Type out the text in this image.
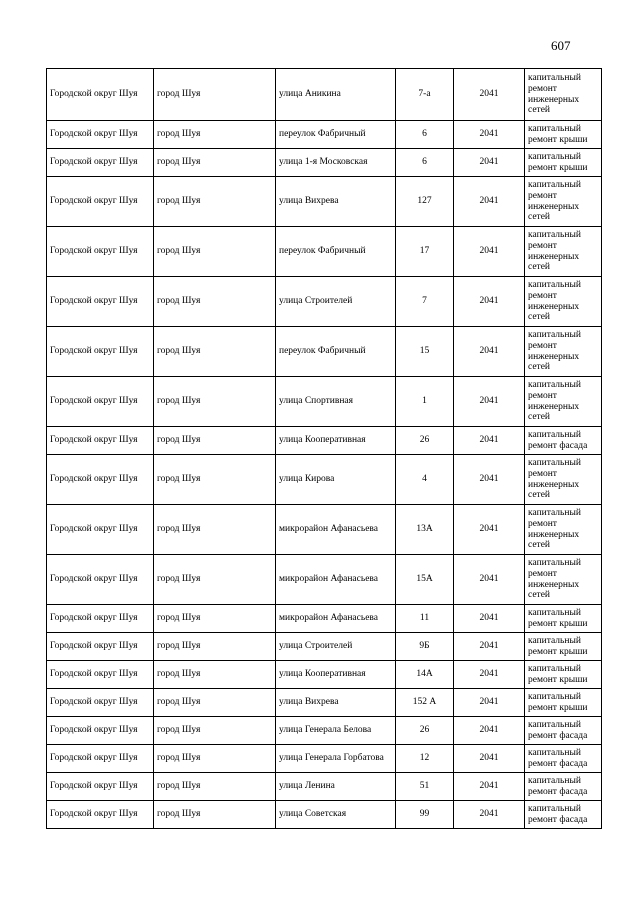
607
Городской округ Шуя	город Шуя	улица Аникина	7-а	2041	капитальный ремонт инженерных сетей
Городской округ Шуя	город Шуя	переулок Фабричный	6	2041	капитальный ремонт крыши
Городской округ Шуя	город Шуя	улица 1-я Московская	6	2041	капитальный ремонт крыши
Городской округ Шуя	город Шуя	улица Вихрева	127	2041	капитальный ремонт инженерных сетей
Городской округ Шуя	город Шуя	переулок Фабричный	17	2041	капитальный ремонт инженерных сетей
Городской округ Шуя	город Шуя	улица Строителей	7	2041	капитальный ремонт инженерных сетей
Городской округ Шуя	город Шуя	переулок Фабричный	15	2041	капитальный ремонт инженерных сетей
Городской округ Шуя	город Шуя	улица Спортивная	1	2041	капитальный ремонт инженерных сетей
Городской округ Шуя	город Шуя	улица Кооперативная	26	2041	капитальный ремонт фасада
Городской округ Шуя	город Шуя	улица Кирова	4	2041	капитальный ремонт инженерных сетей
Городской округ Шуя	город Шуя	микрорайон Афанасьева	13А	2041	капитальный ремонт инженерных сетей
Городской округ Шуя	город Шуя	микрорайон Афанасьева	15А	2041	капитальный ремонт инженерных сетей
Городской округ Шуя	город Шуя	микрорайон Афанасьева	11	2041	капитальный ремонт крыши
Городской округ Шуя	город Шуя	улица Строителей	9Б	2041	капитальный ремонт крыши
Городской округ Шуя	город Шуя	улица Кооперативная	14А	2041	капитальный ремонт крыши
Городской округ Шуя	город Шуя	улица Вихрева	152 А	2041	капитальный ремонт крыши
Городской округ Шуя	город Шуя	улица Генерала Белова	26	2041	капитальный ремонт фасада
Городской округ Шуя	город Шуя	улица Генерала Горбатова	12	2041	капитальный ремонт фасада
Городской округ Шуя	город Шуя	улица Ленина	51	2041	капитальный ремонт фасада
Городской округ Шуя	город Шуя	улица Советская	99	2041	капитальный ремонт фасада
